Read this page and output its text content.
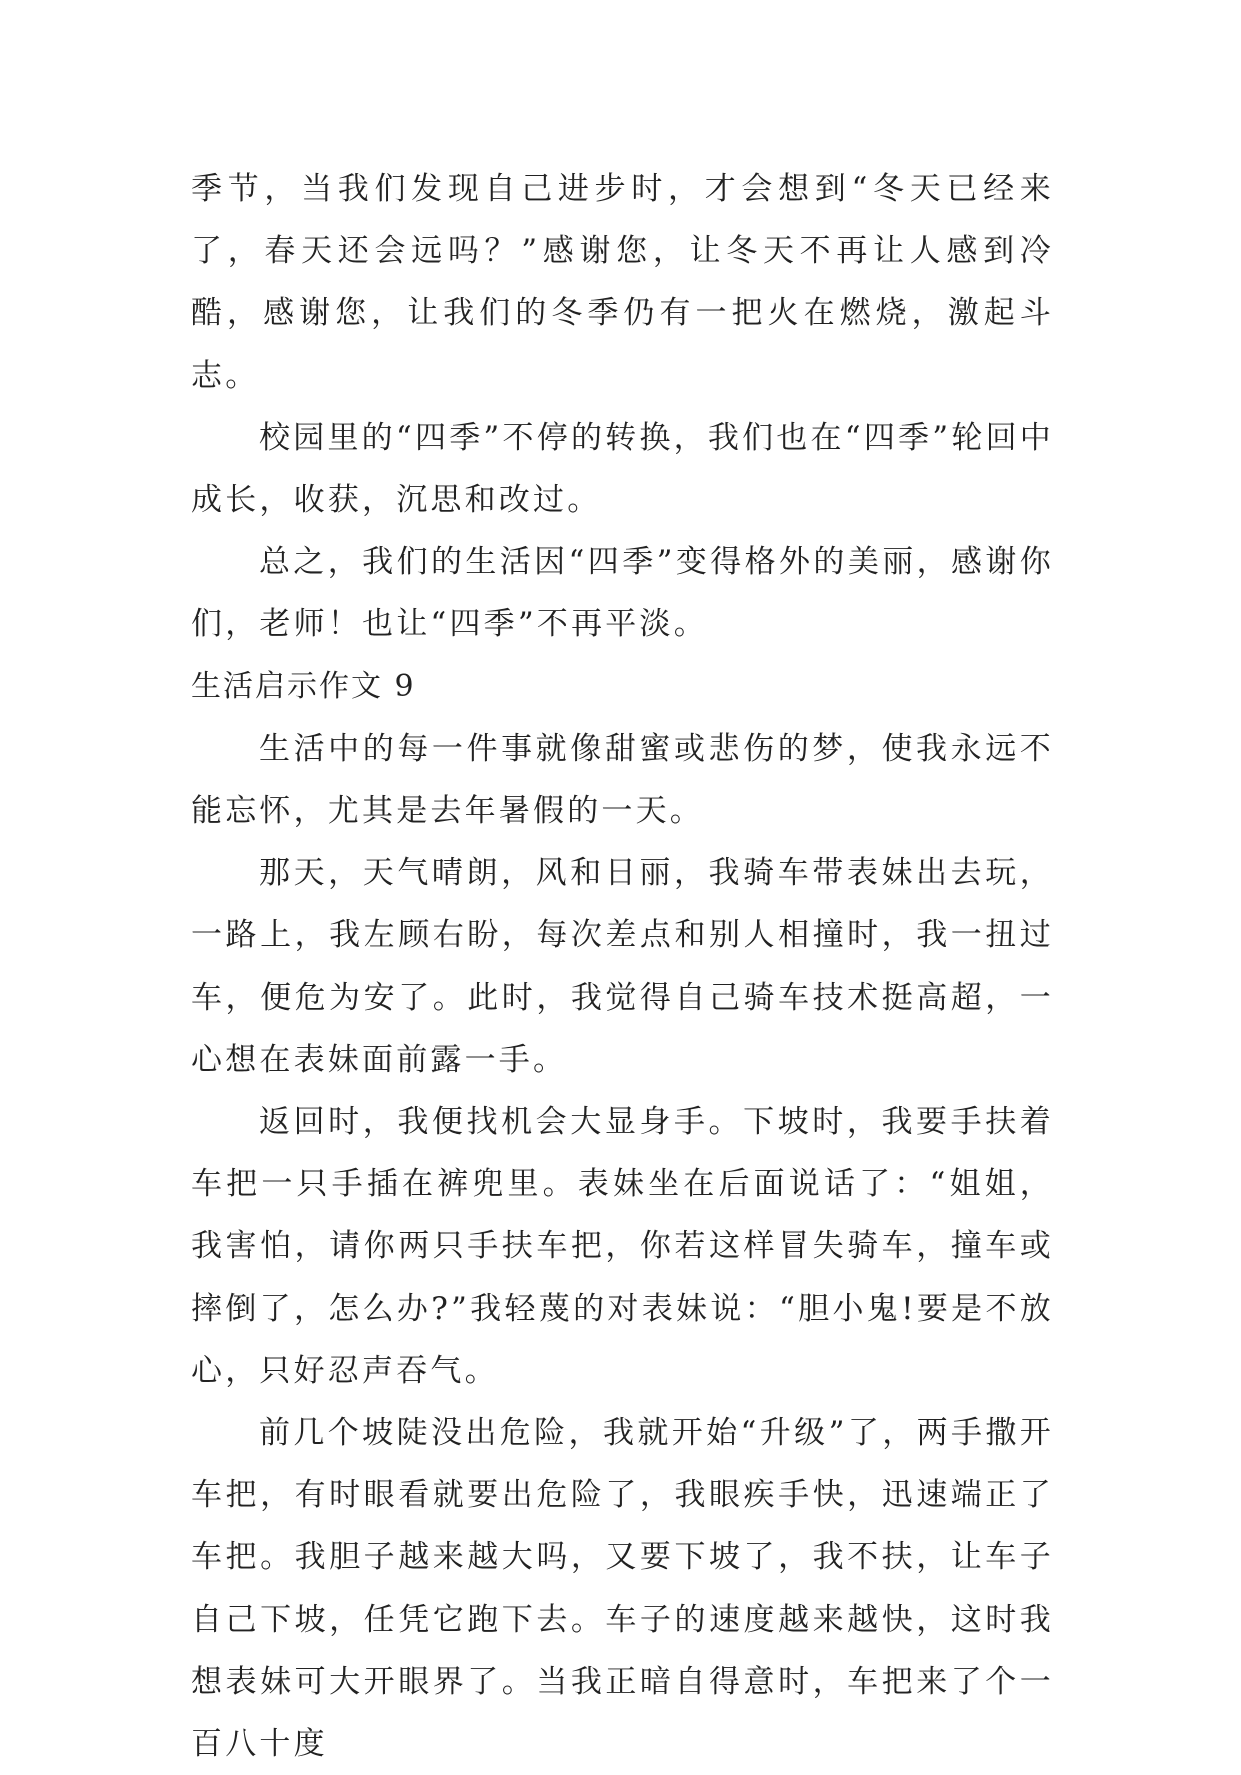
季节，当我们发现自己进步时，才会想到“冬天已经来了，春天还会远吗？”感谢您，让冬天不再让人感到冷酷，感谢您，让我们的冬季仍有一把火在燃烧，激起斗志。

校园里的“四季”不停的转换，我们也在“四季”轮回中成长，收获，沉思和改过。

总之，我们的生活因“四季”变得格外的美丽，感谢你们，老师！也让“四季”不再平淡。

生活启示作文 9

生活中的每一件事就像甜蜜或悲伤的梦，使我永远不能忘怀，尤其是去年暑假的一天。

那天，天气晴朗，风和日丽，我骑车带表妹出去玩，一路上，我左顾右盼，每次差点和别人相撞时，我一扭过车，便危为安了。此时，我觉得自己骑车技术挺高超，一心想在表妹面前露一手。

返回时，我便找机会大显身手。下坡时，我要手扶着车把一只手插在裤兜里。表妹坐在后面说话了：“姐姐，我害怕，请你两只手扶车把，你若这样冒失骑车，撞车或摔倒了，怎么办?”我轻蔑的对表妹说：“胆小鬼!要是不放心，只好忍声吞气。

前几个坡陡没出危险，我就开始“升级”了，两手撒开车把，有时眼看就要出危险了，我眼疾手快，迅速端正了车把。我胆子越来越大吗，又要下坡了，我不扶，让车子自己下坡，任凭它跑下去。车子的速度越来越快，这时我想表妹可大开眼界了。当我正暗自得意时，车把来了个一百八十度
